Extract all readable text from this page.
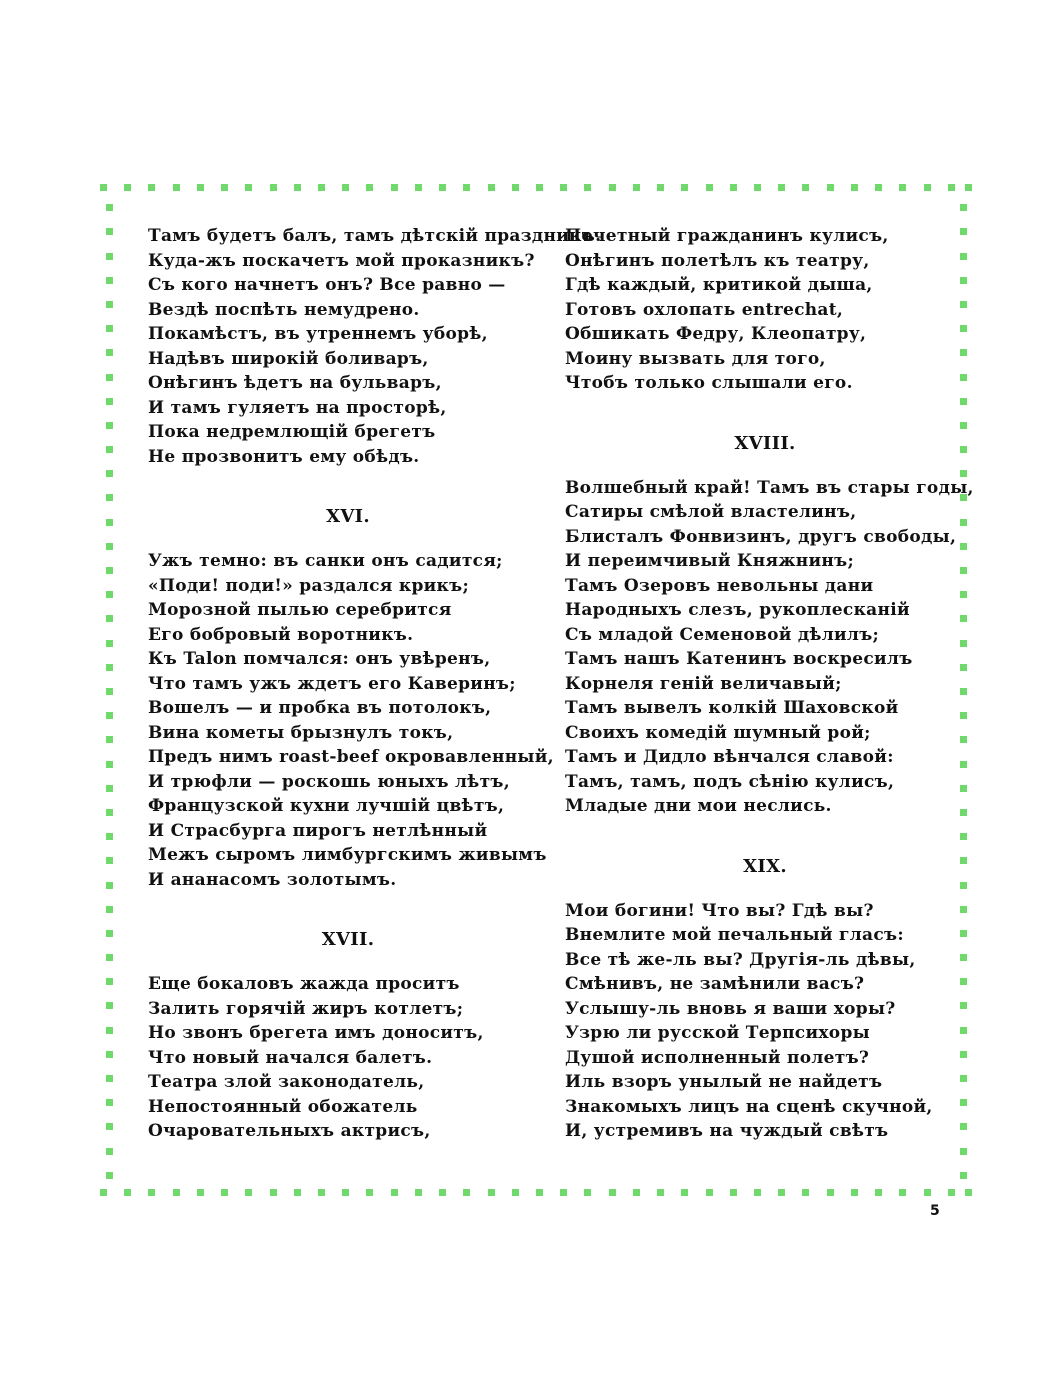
Тамъ будетъ балъ, тамъ дѣтскій праздникъ.
Куда-жъ поскачетъ мой проказникъ?
Съ кого начнетъ онъ? Все равно —
Вездѣ поспѣть немудрено.
Покамѣстъ, въ утреннемъ уборѣ,
Надѣвъ широкій боливаръ,
Онѣгинъ ѣдетъ на бульваръ,
И тамъ гуляетъ на просторѣ,
Пока недремлющій брегетъ
Не прозвонитъ ему обѣдъ.
XVI.
Ужъ темно: въ санки онъ садится;
«Поди! поди!» раздался крикъ;
Морозной пылью серебрится
Его бобровый воротникъ.
Къ Talon помчался: онъ увѣренъ,
Что тамъ ужъ ждетъ его Каверинъ;
Вошелъ — и пробка въ потолокъ,
Вина кометы брызнулъ токъ,
Предъ нимъ roast-beef окровавленный,
И трюфли — роскошь юныхъ лѣтъ,
Французской кухни лучшій цвѣтъ,
И Страсбурга пирогъ нетлѣнный
Межъ сыромъ лимбургскимъ живымъ
И ананасомъ золотымъ.
XVII.
Еще бокаловъ жажда проситъ
Залить горячій жиръ котлетъ;
Но звонъ брегета имъ доноситъ,
Что новый начался балетъ.
Театра злой законодатель,
Непостоянный обожатель
Очаровательныхъ актрисъ,
Почетный гражданинъ кулисъ,
Онѣгинъ полетѣлъ къ театру,
Гдѣ каждый, критикой дыша,
Готовъ охлопать entrechat,
Обшикать Федру, Клеопатру,
Моину вызвать для того,
Чтобъ только слышали его.
XVIII.
Волшебный край! Тамъ въ стары годы,
Сатиры смѣлой властелинъ,
Блисталъ Фонвизинъ, другъ свободы,
И переимчивый Княжнинъ;
Тамъ Озеровъ невольны дани
Народныхъ слезъ, рукоплесканій
Съ младой Семеновой дѣлилъ;
Тамъ нашъ Катенинъ воскресилъ
Корнеля геній величавый;
Тамъ вывелъ колкій Шаховской
Своихъ комедій шумный рой;
Тамъ и Дидло вѣнчался славой:
Тамъ, тамъ, подъ сѣнію кулисъ,
Младые дни мои неслись.
XIX.
Мои богини! Что вы? Гдѣ вы?
Внемлите мой печальный гласъ:
Все тѣ же-ль вы? Другія-ль дѣвы,
Смѣнивъ, не замѣнили васъ?
Услышу-ль вновь я ваши хоры?
Узрю ли русской Терпсихоры
Душой исполненный полетъ?
Иль взоръ унылый не найдетъ
Знакомыхъ лицъ на сценѣ скучной,
И, устремивъ на чуждый свѣтъ
5
